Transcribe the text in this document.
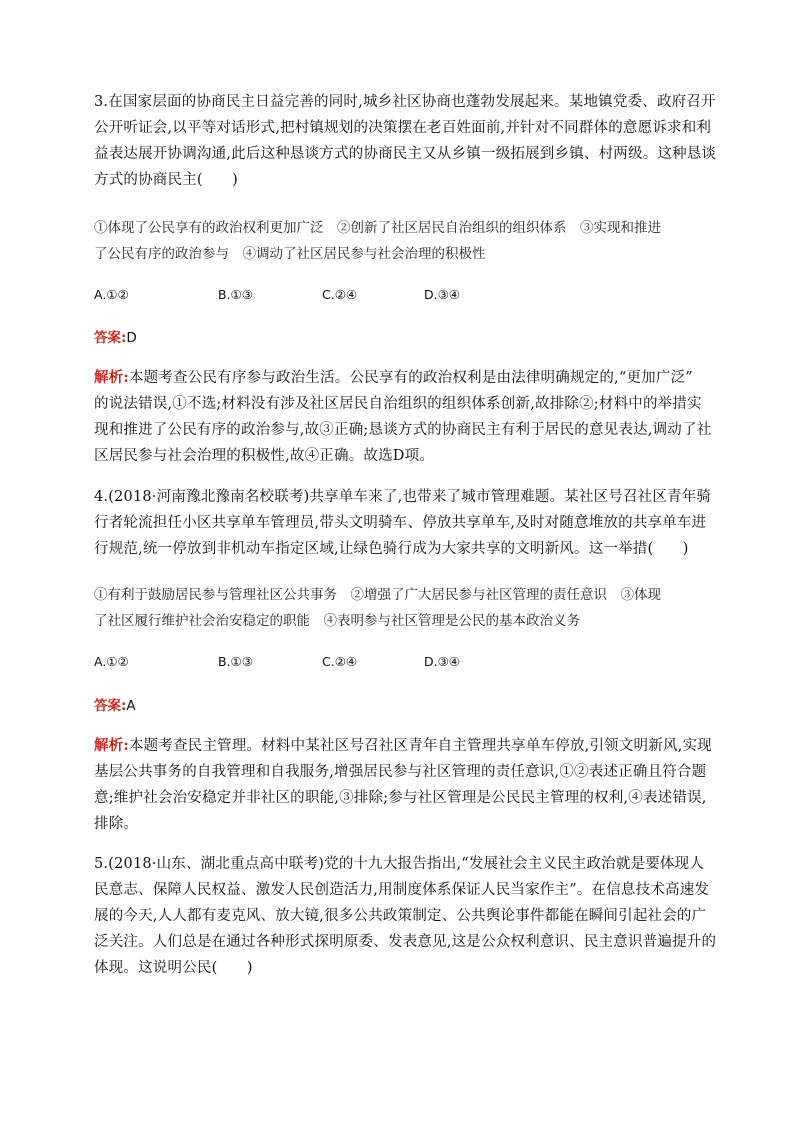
3.在国家层面的协商民主日益完善的同时,城乡社区协商也蓬勃发展起来。某地镇党委、政府召开
公开听证会,以平等对话形式,把村镇规划的决策摆在老百姓面前,并针对不同群体的意愿诉求和利
益表达展开协调沟通,此后这种恳谈方式的协商民主又从乡镇一级拓展到乡镇、村两级。这种恳谈
方式的协商民主(　　)
①体现了公民享有的政治权利更加广泛　②创新了社区居民自治组织的组织体系　③实现和推进
了公民有序的政治参与　④调动了社区居民参与社会治理的积极性
A.①②	B.①③	C.②④	D.③④
答案:D
解析:本题考查公民有序参与政治生活。公民享有的政治权利是由法律明确规定的,“更加广泛”
的说法错误,①不选;材料没有涉及社区居民自治组织的组织体系创新,故排除②;材料中的举措实
现和推进了公民有序的政治参与,故③正确;恳谈方式的协商民主有利于居民的意见表达,调动了社
区居民参与社会治理的积极性,故④正确。故选D项。
4.(2018·河南豫北豫南名校联考)共享单车来了,也带来了城市管理难题。某社区号召社区青年骑
行者轮流担任小区共享单车管理员,带头文明骑车、停放共享单车,及时对随意堆放的共享单车进
行规范,统一停放到非机动车指定区域,让绿色骑行成为大家共享的文明新风。这一举措(　　)
①有利于鼓励居民参与管理社区公共事务　②增强了广大居民参与社区管理的责任意识　③体现
了社区履行维护社会治安稳定的职能　④表明参与社区管理是公民的基本政治义务
A.①②	B.①③	C.②④	D.③④
答案:A
解析:本题考查民主管理。材料中某社区号召社区青年自主管理共享单车停放,引领文明新风,实现
基层公共事务的自我管理和自我服务,增强居民参与社区管理的责任意识,①②表述正确且符合题
意;维护社会治安稳定并非社区的职能,③排除;参与社区管理是公民民主管理的权利,④表述错误,
排除。
5.(2018·山东、湖北重点高中联考)党的十九大报告指出,“发展社会主义民主政治就是要体现人
民意志、保障人民权益、激发人民创造活力,用制度体系保证人民当家作主”。在信息技术高速发
展的今天,人人都有麦克风、放大镜,很多公共政策制定、公共舆论事件都能在瞬间引起社会的广
泛关注。人们总是在通过各种形式探明原委、发表意见,这是公众权利意识、民主意识普遍提升的
体现。这说明公民(　　)
